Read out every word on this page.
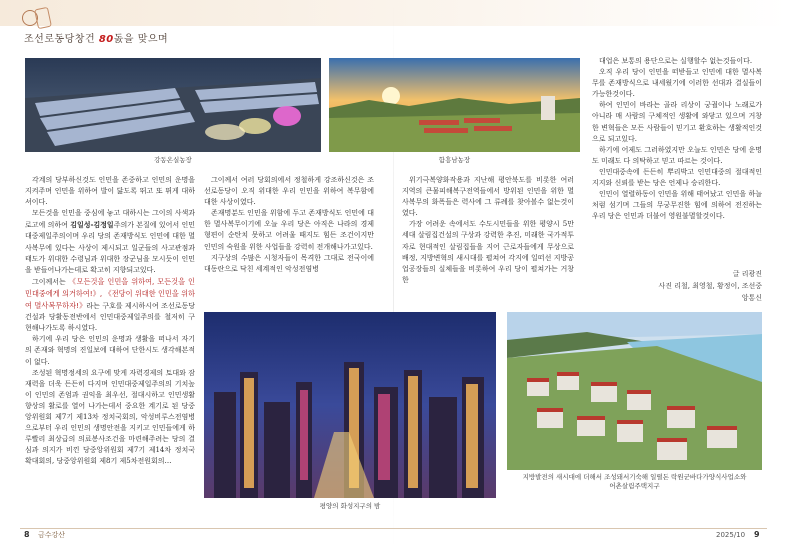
조선로동당창건 80돐을 맞으며
강동온실농장	함흥남농장

각계의 당부하신것도 인민을 존중하고 인민의 운명을 지켜주며 인민을 위하여 발이 닳도록 뛰고 또 뛰게 대하셔이다.

모든것을 인민을 중심에 놓고 대하시는 그이의 사색과 로고에 의하여 김일성-김정일주의가 본질에 있어서 인민대중제일주의이며 우리 당의 존재방식도 인민에 대한 멸사복무에 있다는 사상이 제시되고 일군들의 사고관점과 태도가 위대한 수령님과 위대한 장군님을 모시듯이 인민을 받들어나가는데로 확고히 지향되고있다.

그이께서는 《모든것을 인민을 위하여, 모든것을 인민대중에게 의거하여!》, 《전당이 위대한 인민을 위하여 멸사복무하자!》라는 구호를 제시하시여 조선로동당건설과 당활동전반에서 인민대중제일주의를 철저히 구현해나가도록 하시였다.

하기에 우리 당은 인민의 운명과 생활을 떠나서 자기의 존재와 혁명의 진일보에 대하여 단한시도 생각해본적이 없다.

조성된 혁명정세의 요구에 맞게 자력경제의 토대와 잠재력을 더욱 든든히 다지며 인민대중제일주의의 기치높이 인민의 존엄과 권익을 최우선, 절대시하고 인민생활향상의 활로를 열어 나가는데서 중요한 계기로 된 당중앙위원회 제7기 제13차 정치국회의, 악성비루스전염병으로부터 우리 인민의 생명안전을 지키고 인민들에게 하루빨리 최상급의 의료봉사조건을 마련해주려는 당의 결심과 의지가 비낀 당중앙위원회 제7기 제14차 정치국 확대회의, 당중앙위원회 제8기 제5차전원회의…

그이께서 여러 당회의에서 정철하게 강조하신것은 조선로동당이 오직 위대한 우리 인민을 위하여 복무함에 대한 사상이였다.

존재명분도 인민을 위함에 두고 존재방식도 인민에 대한 멸사복무이기에 오늘 우리 당은 아직은 나라의 경제형편이 순탄치 못하고 어려울 때지도 힘든 조건이지만 인민의 숙원을 위한 사업들을 강력히 전개해나가고있다.

지구상의 수많은 시청자들이 목격한 그대로 전국이에 대동란으로 닥친 세계적인 악성전염병

위기극복양화작용과 지난해 평안북도를 비롯한 여러 지역의 큰물피해복구전역들에서 방위된 인민을 위한 멸사복무의 화폭들은 력사에 그 류례를 찾아볼수 없는것이였다.

가장 어려운 속에서도 수도시민들을 위한 평양시 5만세대 살림집건설의 구상과 강력한 추진, 미래한 국가적투자로 현대적인 살림집들을 지어 근로자들에게 무상으로 배정, 지방변혁의 새시대를 펼쳐여 각지에 일떠선 지방공업공장들의 실체들을 비롯하여 우리 당이 펼쳐가는 거창한

대업은 보통의 용단으로는 실행할수 없는것들이다.

오직 우리 당이 인민을 떠받들고 인민에 대한 멸사복무를 존재방식으로 내세웠기에 이러한 선대과 결실들이 가능한것이다.

하여 인민이 바라는 골라 리상이 궁궐이나 노래로가 아니라 매 사람의 구체적인 생활에 와닿고 있으며 거창한 변혁들은 모든 사람들이 믿기고 환호하는 생활적인것으로 되고있다.

하기에 어제도 그러하였지만 오늘도 인민은 당에 운명도 미래도 다 의탁하고 믿고 따르는 것이다.

인민대중속에 든든히 뿌리박고 인민대중의 절대적인 지지와 신뢰를 받는 당은 언제나 승리한다.

인민이 열렬하동이 인민을 위해 태여났고 인민을 하늘처럼 섬기며 그들의 무궁무진한 힘에 의하여 전진하는 우리 당은 인민과 더불어 영원불멸할것이다.

글 리광진
사진 리철, 최영철, 황정이, 조선중앙통신
평양의 화성지구의 밤
지방발전의 새시대에 더해서 조성돼서기숙해 일떨돈 락원군바다가양식사업소와
어촌살림주택지구
8 금수강산	2025/10 9
